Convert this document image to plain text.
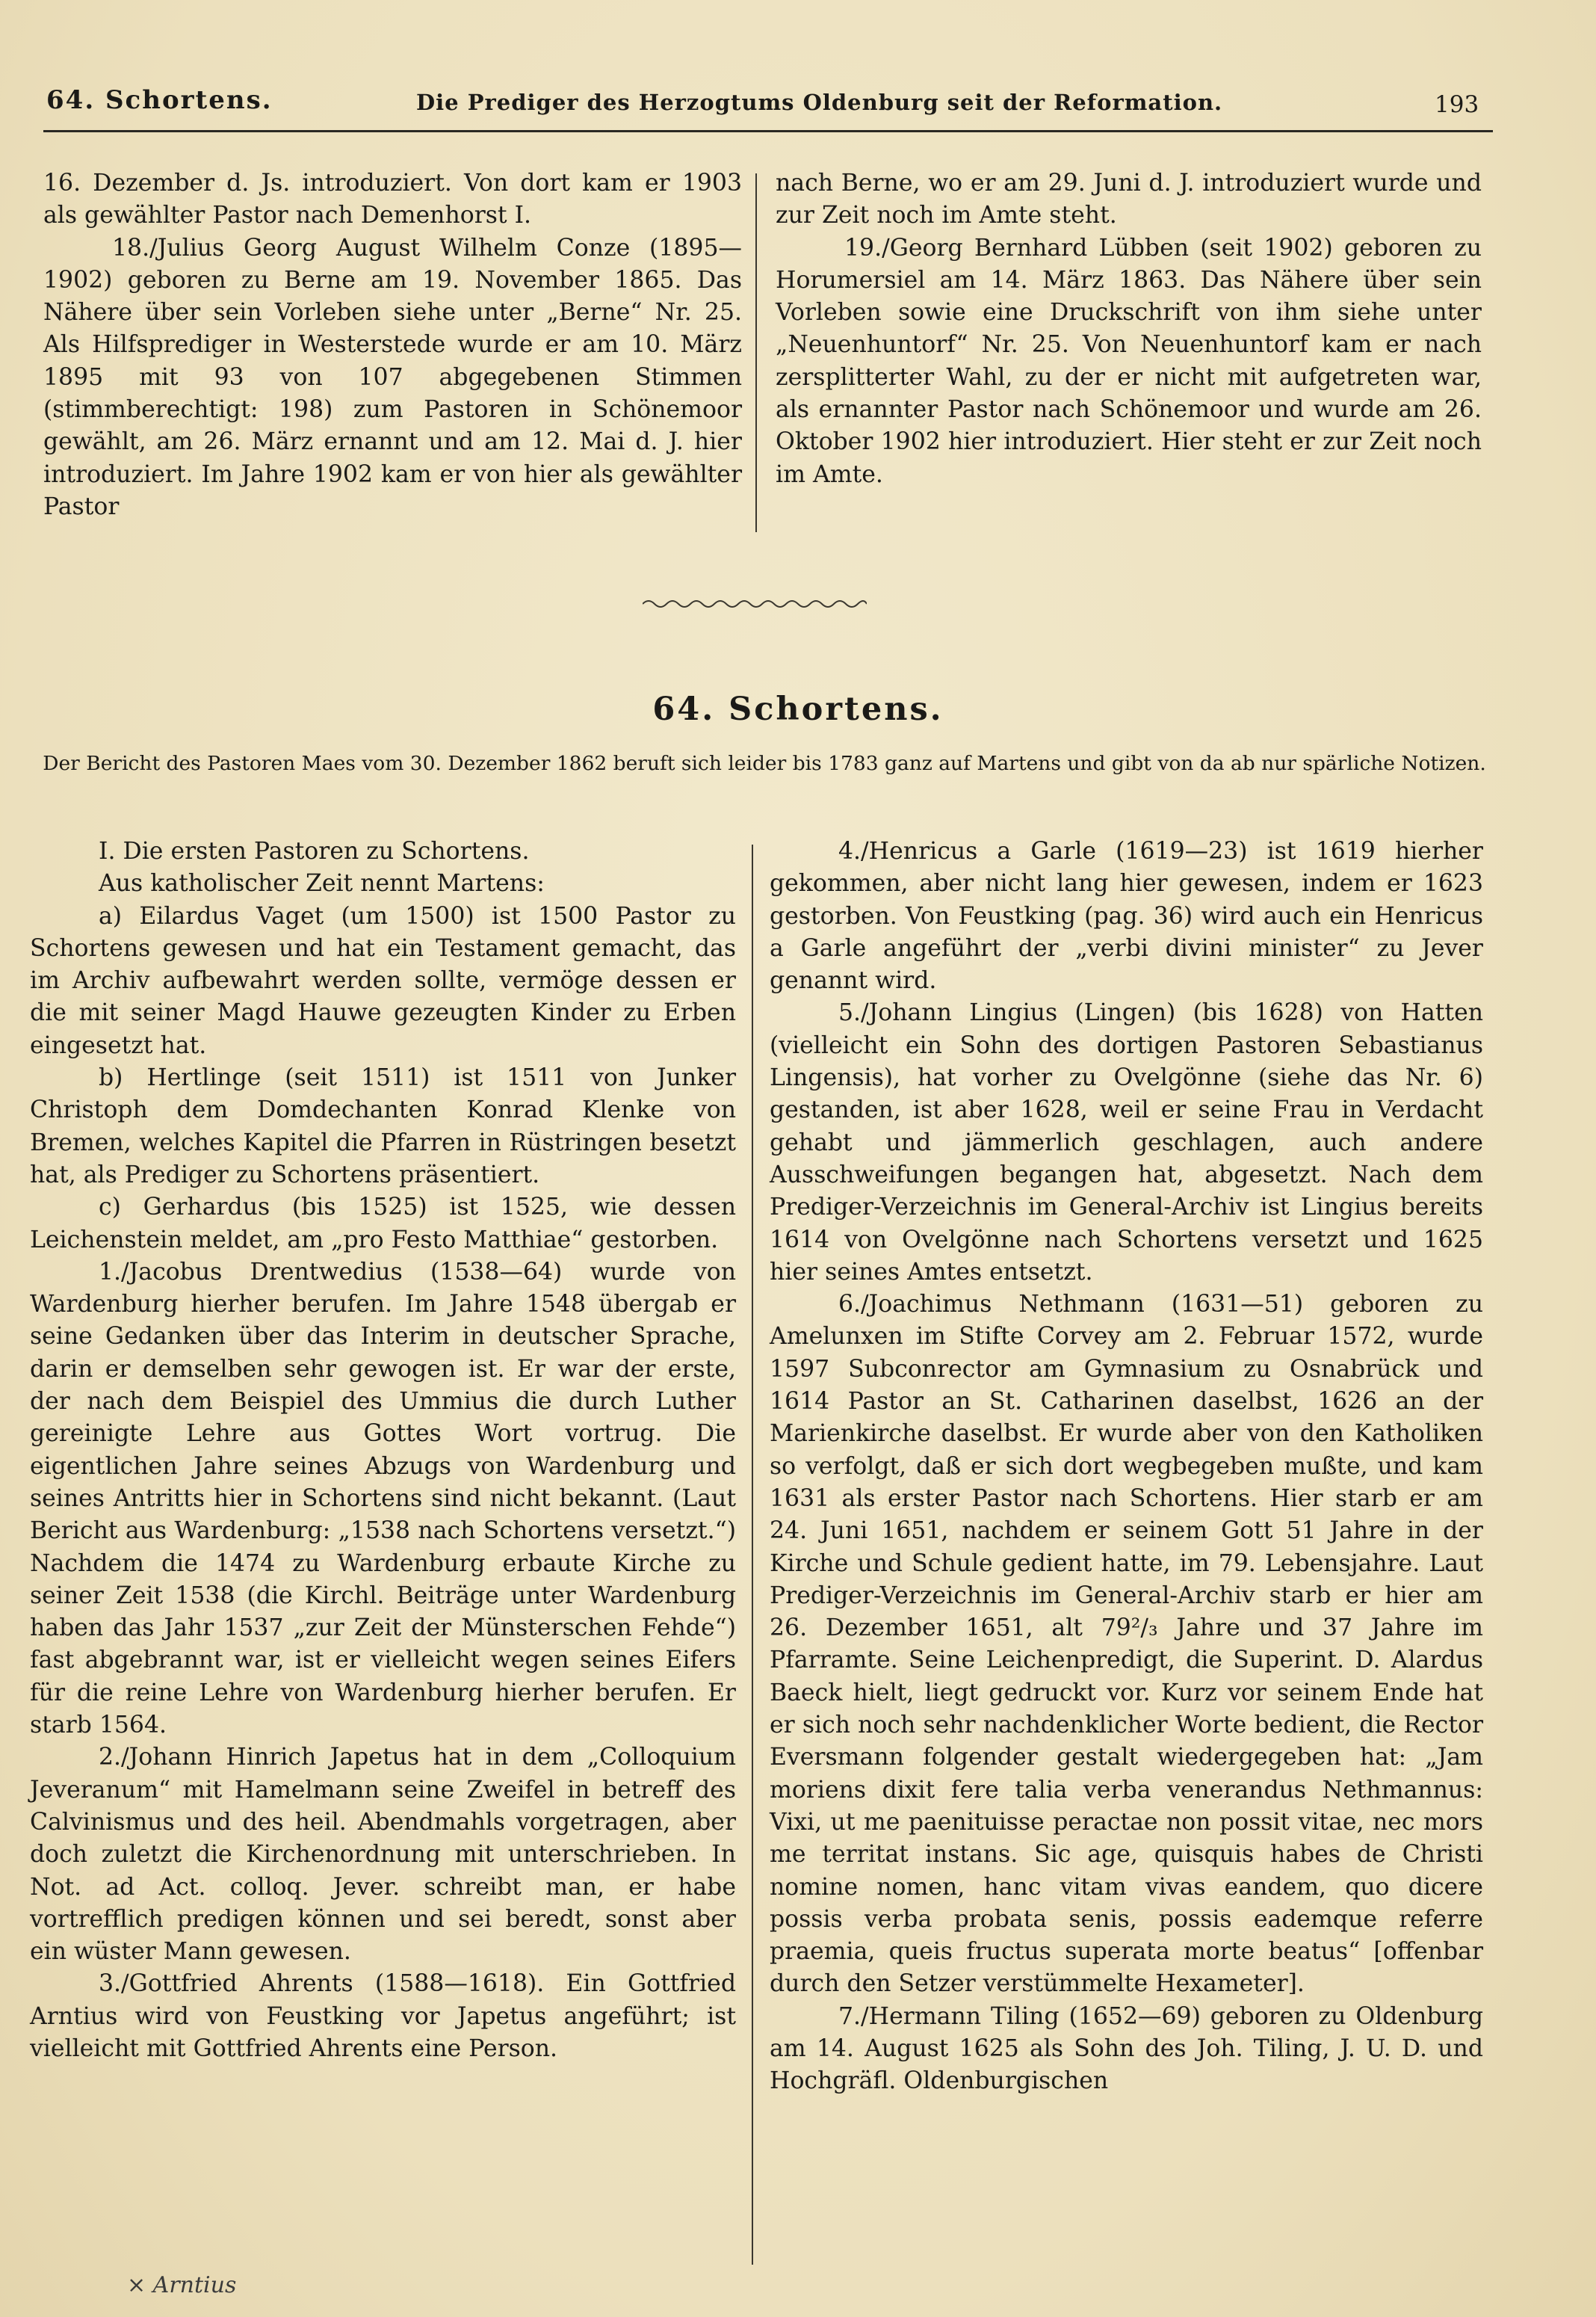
64. Schortens.	Die Prediger des Herzogtums Oldenburg seit der Reformation.	193

16. Dezember d. Js. introduziert. Von dort kam er 1903 als gewählter Pastor nach Demenhorst I.

18./Julius Georg August Wilhelm Conze (1895—1902) geboren zu Berne am 19. November 1865. Das Nähere über sein Vorleben siehe unter „Berne“ Nr. 25. Als Hilfsprediger in Westerstede wurde er am 10. März 1895 mit 93 von 107 abgegebenen Stimmen (stimmberechtigt: 198) zum Pastoren in Schönemoor gewählt, am 26. März ernannt und am 12. Mai d. J. hier introduziert. Im Jahre 1902 kam er von hier als gewählter Pastor

nach Berne, wo er am 29. Juni d. J. introduziert wurde und zur Zeit noch im Amte steht.

19./Georg Bernhard Lübben (seit 1902) geboren zu Horumersiel am 14. März 1863. Das Nähere über sein Vorleben sowie eine Druckschrift von ihm siehe unter „Neuenhuntorf“ Nr. 25. Von Neuenhuntorf kam er nach zersplitterter Wahl, zu der er nicht mit aufgetreten war, als ernannter Pastor nach Schönemoor und wurde am 26. Oktober 1902 hier introduziert. Hier steht er zur Zeit noch im Amte.

64. Schortens.
Der Bericht des Pastoren Maes vom 30. Dezember 1862 beruft sich leider bis 1783 ganz auf Martens und gibt von da ab nur spärliche Notizen.

I. Die ersten Pastoren zu Schortens.

Aus katholischer Zeit nennt Martens:

a) Eilardus Vaget (um 1500) ist 1500 Pastor zu Schortens gewesen und hat ein Testament gemacht, das im Archiv aufbewahrt werden sollte, vermöge dessen er die mit seiner Magd Hauwe gezeugten Kinder zu Erben eingesetzt hat.

b) Hertlinge (seit 1511) ist 1511 von Junker Christoph dem Domdechanten Konrad Klenke von Bremen, welches Kapitel die Pfarren in Rüstringen besetzt hat, als Prediger zu Schortens präsentiert.

c) Gerhardus (bis 1525) ist 1525, wie dessen Leichenstein meldet, am „pro Festo Matthiae“ gestorben.

1./Jacobus Drentwedius (1538—64) wurde von Wardenburg hierher berufen. Im Jahre 1548 übergab er seine Gedanken über das Interim in deutscher Sprache, darin er demselben sehr gewogen ist. Er war der erste, der nach dem Beispiel des Ummius die durch Luther gereinigte Lehre aus Gottes Wort vortrug. Die eigentlichen Jahre seines Abzugs von Wardenburg und seines Antritts hier in Schortens sind nicht bekannt. (Laut Bericht aus Wardenburg: „1538 nach Schortens versetzt.“) Nachdem die 1474 zu Wardenburg erbaute Kirche zu seiner Zeit 1538 (die Kirchl. Beiträge unter Wardenburg haben das Jahr 1537 „zur Zeit der Münsterschen Fehde“) fast abgebrannt war, ist er vielleicht wegen seines Eifers für die reine Lehre von Wardenburg hierher berufen. Er starb 1564.

2./Johann Hinrich Japetus hat in dem „Colloquium Jeveranum“ mit Hamelmann seine Zweifel in betreff des Calvinismus und des heil. Abendmahls vorgetragen, aber doch zuletzt die Kirchenordnung mit unterschrieben. In Not. ad Act. colloq. Jever. schreibt man, er habe vortrefflich predigen können und sei beredt, sonst aber ein wüster Mann gewesen.

3./Gottfried Ahrents (1588—1618). Ein Gottfried Arntius wird von Feustking vor Japetus angeführt; ist vielleicht mit Gottfried Ahrents eine Person.

4./Henricus a Garle (1619—23) ist 1619 hierher gekommen, aber nicht lang hier gewesen, indem er 1623 gestorben. Von Feustking (pag. 36) wird auch ein Henricus a Garle angeführt der „verbi divini minister“ zu Jever genannt wird.

5./Johann Lingius (Lingen) (bis 1628) von Hatten (vielleicht ein Sohn des dortigen Pastoren Sebastianus Lingensis), hat vorher zu Ovelgönne (siehe das Nr. 6) gestanden, ist aber 1628, weil er seine Frau in Verdacht gehabt und jämmerlich geschlagen, auch andere Ausschweifungen begangen hat, abgesetzt. Nach dem Prediger-Verzeichnis im General-Archiv ist Lingius bereits 1614 von Ovelgönne nach Schortens versetzt und 1625 hier seines Amtes entsetzt.

6./Joachimus Nethmann (1631—51) geboren zu Amelunxen im Stifte Corvey am 2. Februar 1572, wurde 1597 Subconrector am Gymnasium zu Osnabrück und 1614 Pastor an St. Catharinen daselbst, 1626 an der Marienkirche daselbst. Er wurde aber von den Katholiken so verfolgt, daß er sich dort wegbegeben mußte, und kam 1631 als erster Pastor nach Schortens. Hier starb er am 24. Juni 1651, nachdem er seinem Gott 51 Jahre in der Kirche und Schule gedient hatte, im 79. Lebensjahre. Laut Prediger-Verzeichnis im General-Archiv starb er hier am 26. Dezember 1651, alt 79²/₃ Jahre und 37 Jahre im Pfarramte. Seine Leichenpredigt, die Superint. D. Alardus Baeck hielt, liegt gedruckt vor. Kurz vor seinem Ende hat er sich noch sehr nachdenklicher Worte bedient, die Rector Eversmann folgender gestalt wiedergegeben hat: „Jam moriens dixit fere talia verba venerandus Nethmannus: Vixi, ut me paenituisse peractae non possit vitae, nec mors me territat instans. Sic age, quisquis habes de Christi nomine nomen, hanc vitam vivas eandem, quo dicere possis verba probata senis, possis eademque referre praemia, queis fructus superata morte beatus“ [offenbar durch den Setzer verstümmelte Hexameter].

7./Hermann Tiling (1652—69) geboren zu Oldenburg am 14. August 1625 als Sohn des Joh. Tiling, J. U. D. und Hochgräfl. Oldenburgischen

× Arntius
